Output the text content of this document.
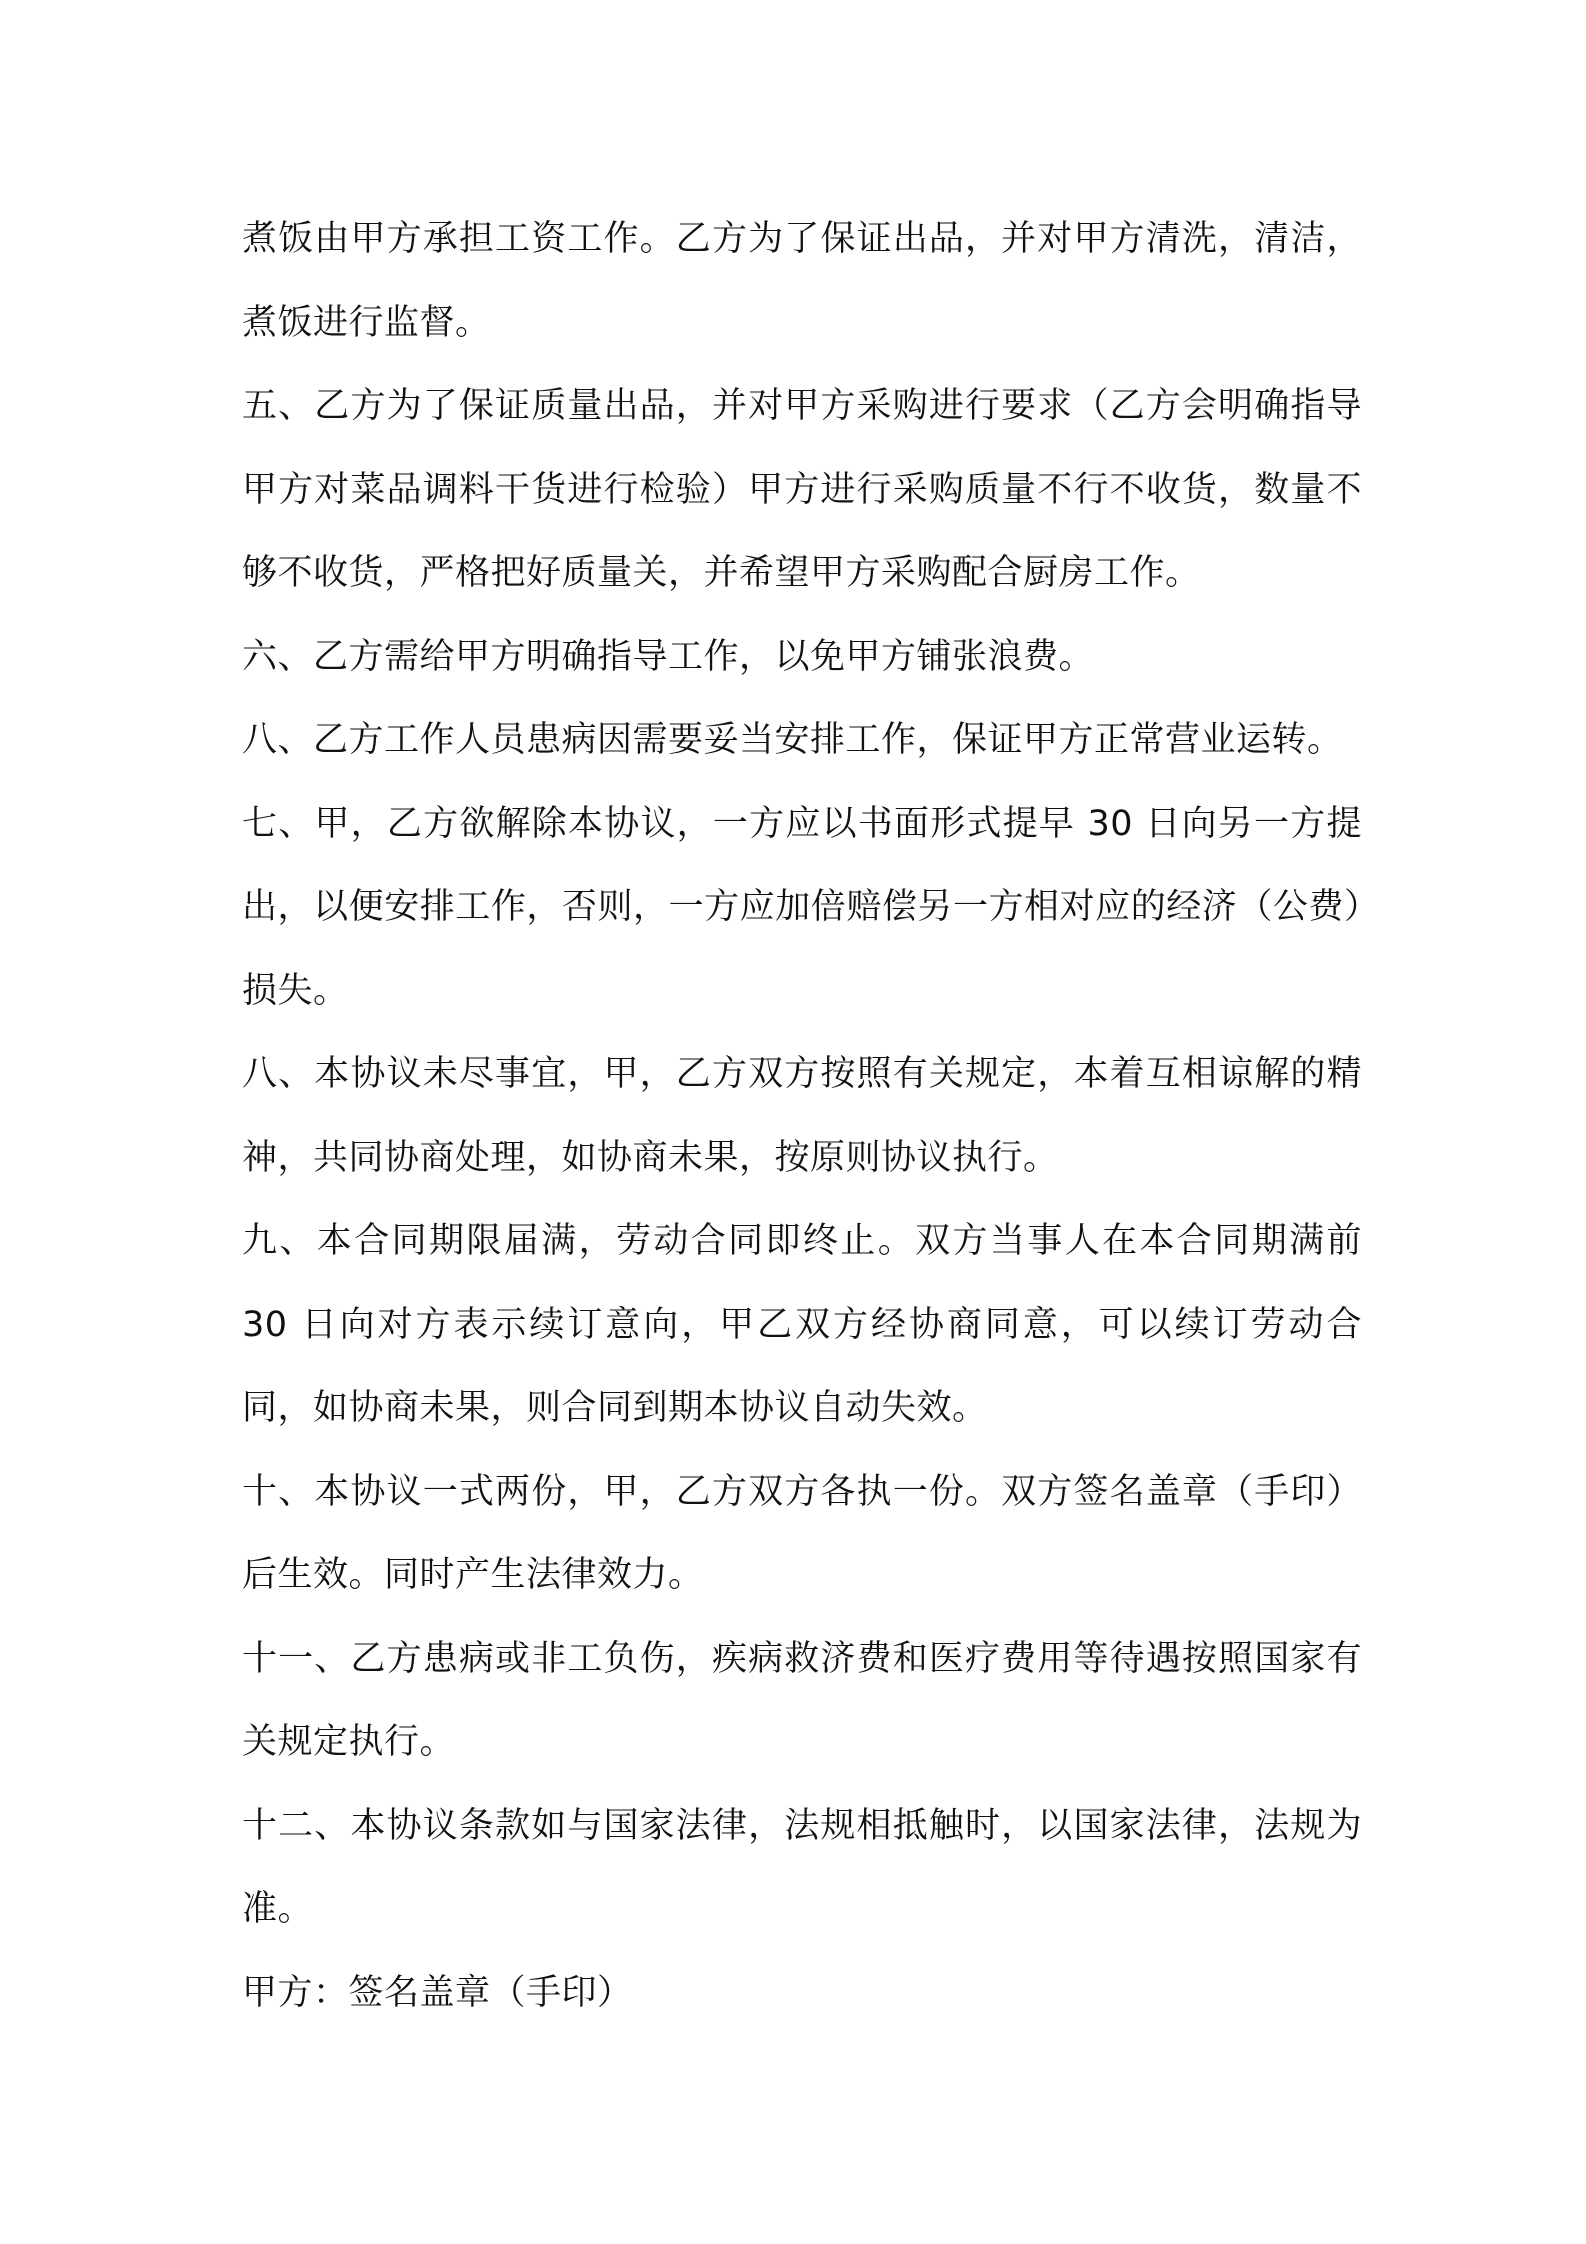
煮饭由甲方承担工资工作。乙方为了保证出品，并对甲方清洗，清洁，煮饭进行监督。

五、乙方为了保证质量出品，并对甲方采购进行要求（乙方会明确指导甲方对菜品调料干货进行检验）甲方进行采购质量不行不收货，数量不够不收货，严格把好质量关，并希望甲方采购配合厨房工作。

六、乙方需给甲方明确指导工作，以免甲方铺张浪费。

八、乙方工作人员患病因需要妥当安排工作，保证甲方正常营业运转。

七、甲，乙方欲解除本协议，一方应以书面形式提早 30 日向另一方提出，以便安排工作，否则，一方应加倍赔偿另一方相对应的经济（公费）损失。

八、本协议未尽事宜，甲，乙方双方按照有关规定，本着互相谅解的精神，共同协商处理，如协商未果，按原则协议执行。

九、本合同期限届满，劳动合同即终止。双方当事人在本合同期满前 30 日向对方表示续订意向，甲乙双方经协商同意，可以续订劳动合同，如协商未果，则合同到期本协议自动失效。

十、本协议一式两份，甲，乙方双方各执一份。双方签名盖章（手印）后生效。同时产生法律效力。

十一、乙方患病或非工负伤，疾病救济费和医疗费用等待遇按照国家有关规定执行。

十二、本协议条款如与国家法律，法规相抵触时，以国家法律，法规为准。

甲方：签名盖章（手印）
